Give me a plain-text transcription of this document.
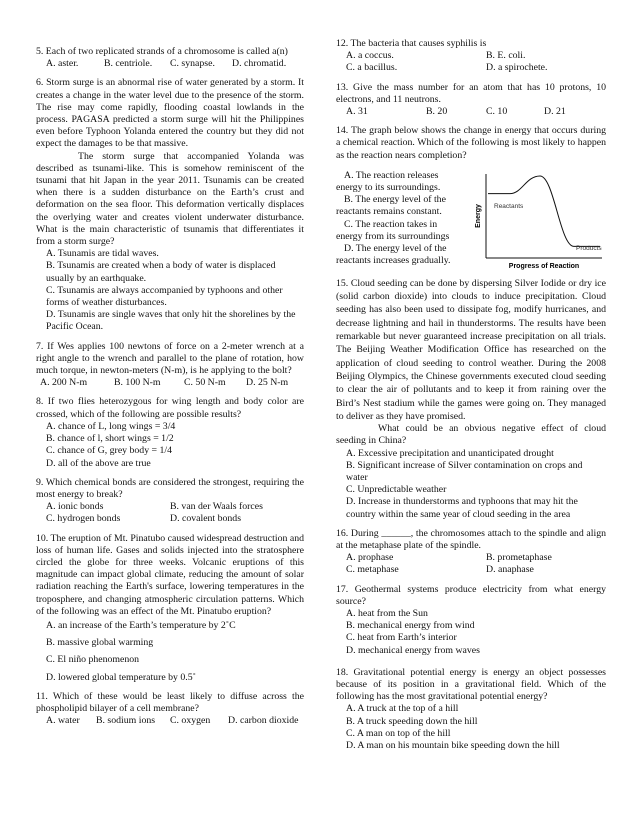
5. Each of two replicated strands of a chromosome is called a(n)

A. aster.	B. centriole.	C. synapse.	D. chromatid.

6. Storm surge is an abnormal rise of water generated by a storm. It creates a change in the water level due to the presence of the storm. The rise may come rapidly, flooding coastal lowlands in the process. PAGASA predicted a storm surge will hit the Philippines even before Typhoon Yolanda entered the country but they did not expect the damages to be that massive.

The storm surge that accompanied Yolanda was described as tsunami-like. This is somehow reminiscent of the tsunami that hit Japan in the year 2011. Tsunamis can be created when there is a sudden disturbance on the Earth’s crust and deformation on the sea floor. This deformation vertically displaces the overlying water and creates violent underwater disturbance. What is the main characteristic of tsunamis that differentiates it from a storm surge?

A. Tsunamis are tidal waves.

B. Tsunamis are created when a body of water is displaced usually by an earthquake.

C. Tsunamis are always accompanied by typhoons and other forms of weather disturbances.

D. Tsunamis are single waves that only hit the shorelines by the Pacific Ocean.

7. If Wes applies 100 newtons of force on a 2-meter wrench at a right angle to the wrench and parallel to the plane of rotation, how much torque, in newton-meters (N-m), is he applying to the bolt?

A. 200 N-m	B. 100 N-m	C. 50 N-m	D. 25 N-m

8. If two flies heterozygous for wing length and body color are crossed, which of the following are possible results?

A. chance of L, long wings = 3/4

B. chance of l, short wings = 1/2

C. chance of G, grey body = 1/4

D. all of the above are true

9. Which chemical bonds are considered the strongest, requiring the most energy to break?

A. ionic bonds	B. van der Waals forces
C. hydrogen bonds	D. covalent bonds

10. The eruption of Mt. Pinatubo caused widespread destruction and loss of human life. Gases and solids injected into the stratosphere circled the globe for three weeks. Volcanic eruptions of this magnitude can impact global climate, reducing the amount of solar radiation reaching the Earth's surface, lowering temperatures in the troposphere, and changing atmospheric circulation patterns. Which of the following was an effect of the Mt. Pinatubo eruption?

A. an increase of the Earth’s temperature by 2˚C

B. massive global warming

C. El niño phenomenon

D. lowered global temperature by 0.5˚

11. Which of these would be least likely to diffuse across the phospholipid bilayer of a cell membrane?

A. water	B. sodium ions	C. oxygen	D. carbon dioxide

12. The bacteria that causes syphilis is

A. a coccus.	B. E. coli.
C. a bacillus.	D. a spirochete.

13. Give the mass number for an atom that has 10 protons, 10 electrons, and 11 neutrons.

A. 31	B. 20	C. 10	D. 21

14. The graph below shows the change in energy that occurs during a chemical reaction. Which of the following is most likely to happen as the reaction nears completion?

A. The reaction releases energy to its surroundings.

B. The energy level of the reactants remains constant.

C. The reaction takes in energy from its surroundings

D. The energy level of the reactants increases gradually.

Energy
Progress of Reaction
Reactants
Products

15. Cloud seeding can be done by dispersing Silver Iodide or dry ice (solid carbon dioxide) into clouds to induce precipitation. Cloud seeding has also been used to dissipate fog, modify hurricanes, and decrease lightning and hail in thunderstorms. The results have been remarkable but never guaranteed increase precipitation on all trials. The Beijing Weather Modification Office has researched on the application of cloud seeding to control weather. During the 2008 Beijing Olympics, the Chinese governments executed cloud seeding to clear the air of pollutants and to keep it from raining over the Bird’s Nest stadium while the games were going on. They managed to deliver as they have promised.

What could be an obvious negative effect of cloud seeding in China?

A. Excessive precipitation and unanticipated drought

B. Significant increase of Silver contamination on crops and water

C. Unpredictable weather

D. Increase in thunderstorms and typhoons that may hit the country within the same year of cloud seeding in the area

16. During ______, the chromosomes attach to the spindle and align at the metaphase plate of the spindle.

A. prophase	B. prometaphase
C. metaphase	D. anaphase

17. Geothermal systems produce electricity from what energy source?

A. heat from the Sun

B. mechanical energy from wind

C. heat from Earth’s interior

D. mechanical energy from waves

18. Gravitational potential energy is energy an object possesses because of its position in a gravitational field. Which of the following has the most gravitational potential energy?

A. A truck at the top of a hill

B. A truck speeding down the hill

C. A man on top of the hill

D. A man on his mountain bike speeding down the hill
